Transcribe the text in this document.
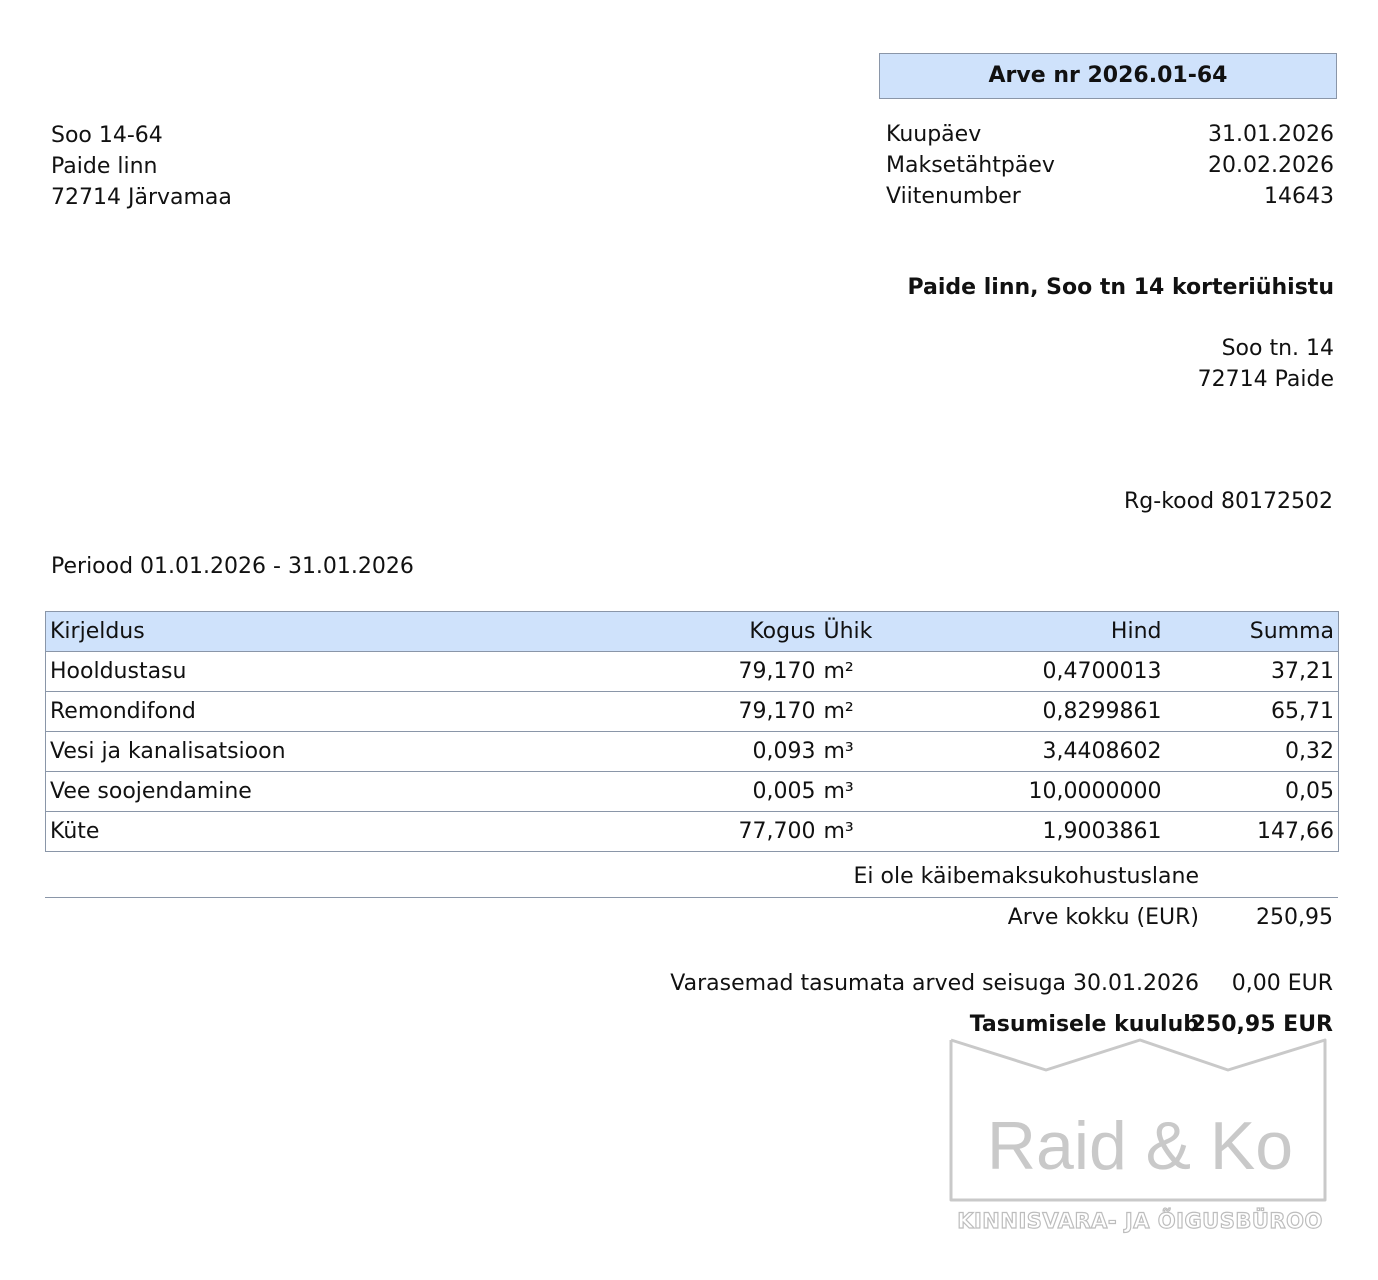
Arve nr 2026.01-64
Soo 14-64
Paide linn
72714 Järvamaa
Kuupäev	31.01.2026
Maksetähtpäev	20.02.2026
Viitenumber	14643
Paide linn, Soo tn 14 korteriühistu
Soo tn. 14
72714 Paide
Rg-kood 80172502
Periood 01.01.2026 - 31.01.2026
Kirjeldus	Kogus	Ühik	Hind	Summa
Hooldustasu	79,170	m²	0,4700013	37,21
Remondifond	79,170	m²	0,8299861	65,71
Vesi ja kanalisatsioon	0,093	m³	3,4408602	0,32
Vee soojendamine	0,005	m³	10,0000000	0,05
Küte	77,700	m³	1,9003861	147,66
Ei ole käibemaksukohustuslane
Arve kokku (EUR)	250,95
Varasemad tasumata arved seisuga 30.01.2026 0,00 EUR
Tasumisele kuulub
250,95 EUR
Raid & Ko
KINNISVARA- JA ÕIGUSBÜROO
